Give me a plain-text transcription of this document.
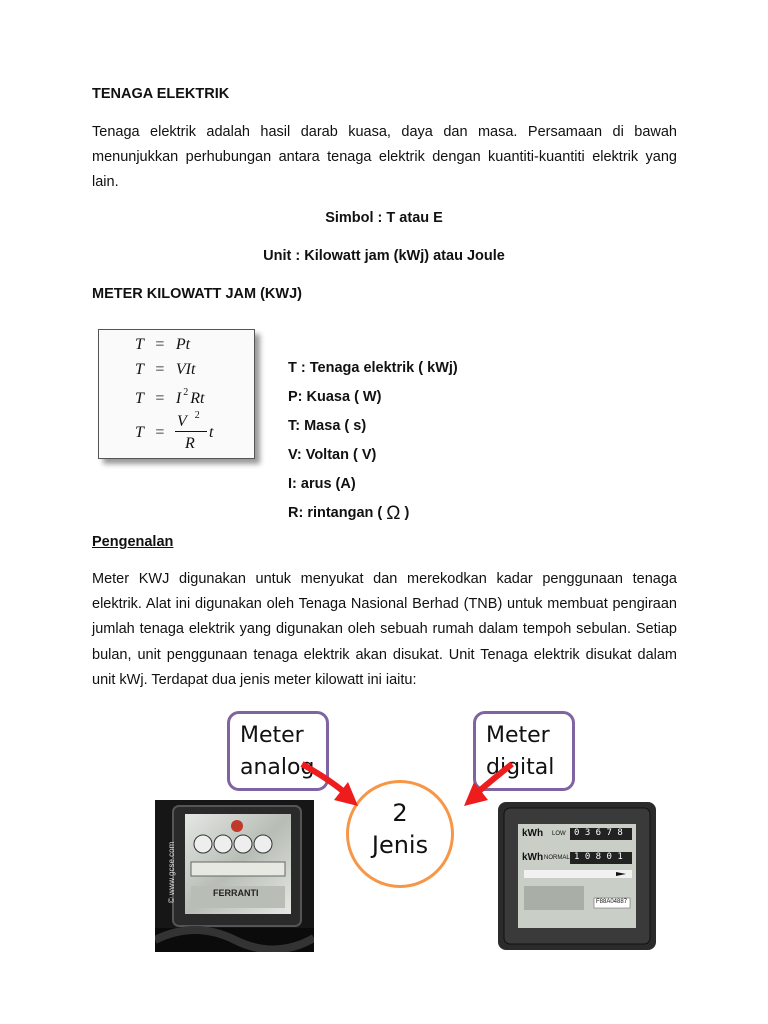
TENAGA ELEKTRIK
Tenaga elektrik adalah hasil darab kuasa, daya dan masa. Persamaan di bawah menunjukkan perhubungan antara tenaga elektrik dengan kuantiti-kuantiti elektrik yang lain.
Simbol : T atau E
Unit : Kilowatt jam (kWj) atau Joule
METER KILOWATT JAM (KWJ)
T = Pt
T = VIt
T = I $^2$ Rt
T =
V $^2$
R
t
T : Tenaga elektrik ( kWj)
P: Kuasa ( W)
T: Masa ( s)
V: Voltan ( V)
I: arus (A)
R: rintangan ( Ω )
Pengenalan
Meter KWJ digunakan untuk menyukat dan merekodkan kadar penggunaan tenaga elektrik. Alat ini digunakan oleh Tenaga Nasional Berhad (TNB) untuk membuat pengiraan jumlah tenaga elektrik yang digunakan oleh sebuah rumah dalam tempoh sebulan. Setiap bulan, unit penggunaan tenaga elektrik akan disukat. Unit Tenaga elektrik disukat dalam unit kWj. Terdapat dua jenis meter kilowatt ini iaitu:
Meter
analog
Meter
digital
2
Jenis
© www.gcse.com	FERRANTI
kWh LOW 0 3 6 7 8
kWh NORMAL 1 0 8 0 1
F88A04887
